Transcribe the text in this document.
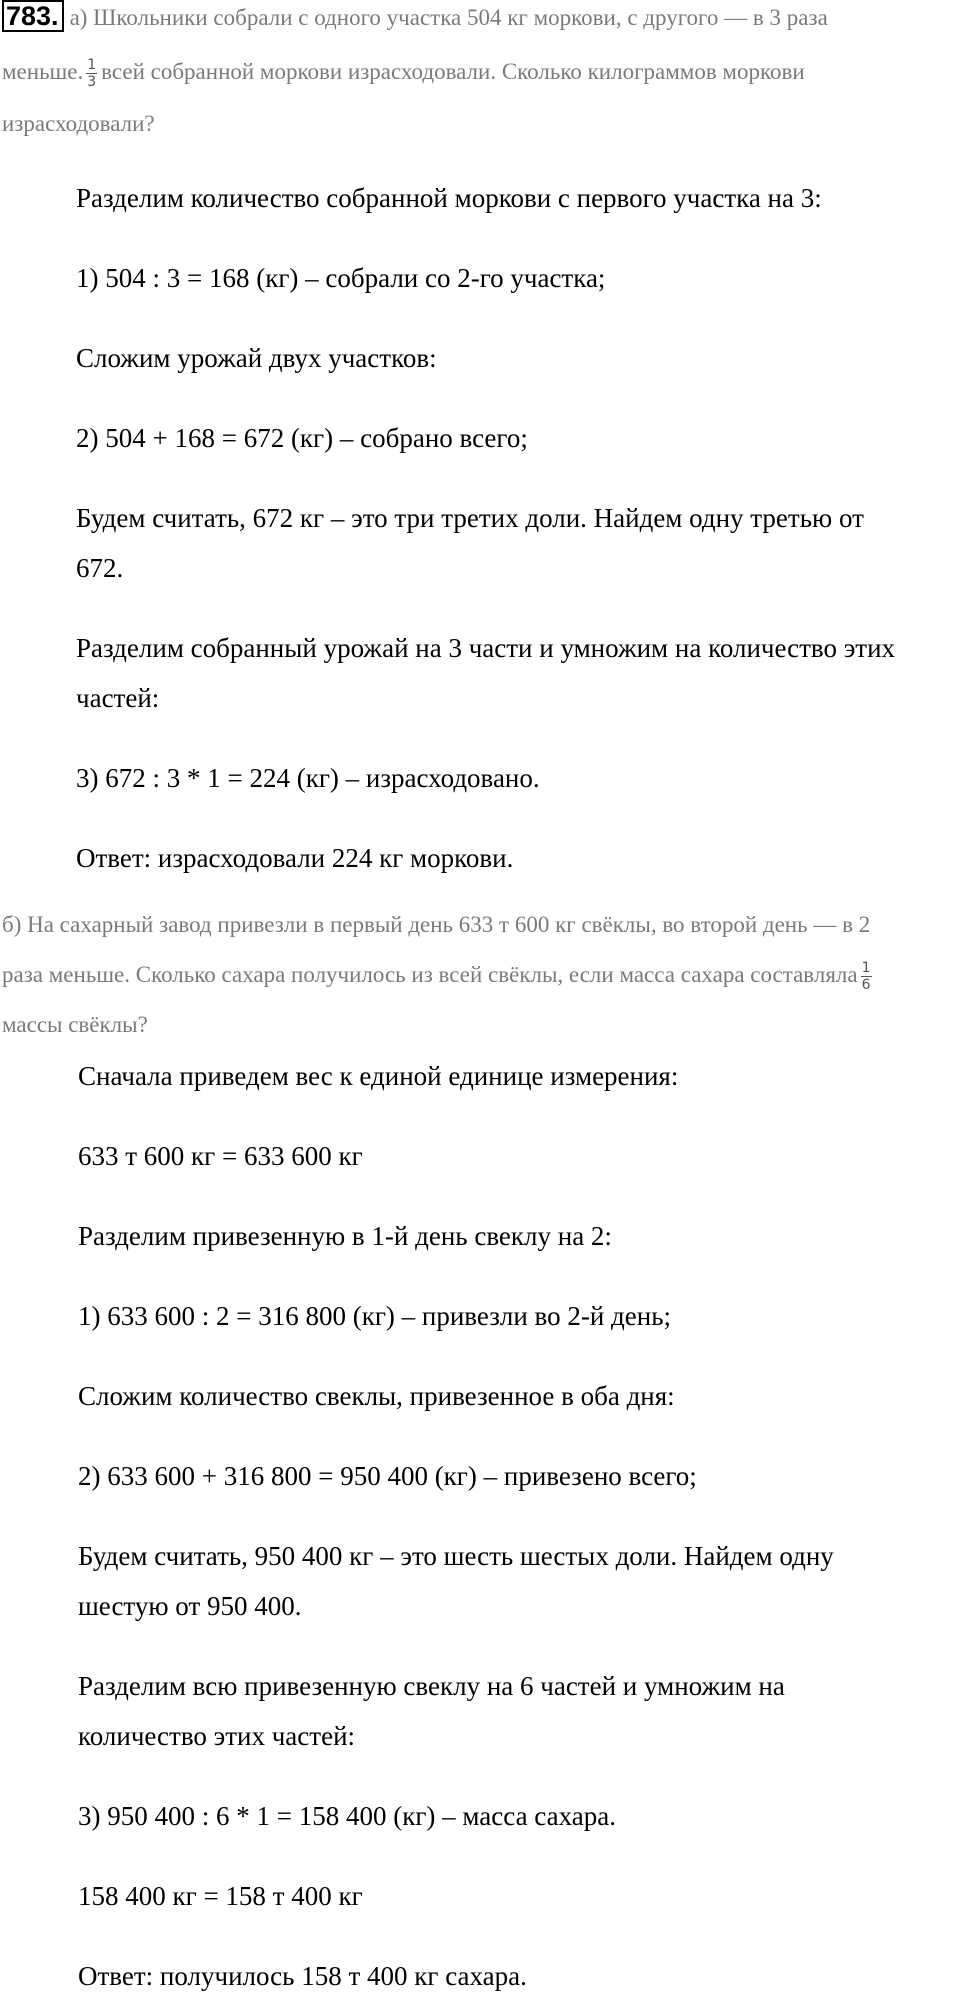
783. а) Школьники собрали с одного участка 504 кг моркови, с другого — в 3 раза
меньше. $\frac{1}{3}$ всей собранной моркови израсходовали. Сколько килограммов моркови
израсходовали?

Разделим количество собранной моркови с первого участка на 3:

1) 504 : 3 = 168 (кг) – собрали со 2-го участка;

Сложим урожай двух участков:

2) 504 + 168 = 672 (кг) – собрано всего;

Будем считать, 672 кг – это три третих доли. Найдем одну третью от

672.

Разделим собранный урожай на 3 части и умножим на количество этих

частей:

3) 672 : 3 * 1 = 224 (кг) – израсходовано.

Ответ: израсходовали 224 кг моркови.

б) На сахарный завод привезли в первый день 633 т 600 кг свёклы, во второй день — в 2
раза меньше. Сколько сахара получилось из всей свёклы, если масса сахара составляла $\frac{1}{6}$
массы свёклы?

Сначала приведем вес к единой единице измерения:

633 т 600 кг = 633 600 кг

Разделим привезенную в 1-й день свеклу на 2:

1) 633 600 : 2 = 316 800 (кг) – привезли во 2-й день;

Сложим количество свеклы, привезенное в оба дня:

2) 633 600 + 316 800 = 950 400 (кг) – привезено всего;

Будем считать, 950 400 кг – это шесть шестых доли. Найдем одну

шестую от 950 400.

Разделим всю привезенную свеклу на 6 частей и умножим на

количество этих частей:

3) 950 400 : 6 * 1 = 158 400 (кг) – масса сахара.

158 400 кг = 158 т 400 кг

Ответ: получилось 158 т 400 кг сахара.
